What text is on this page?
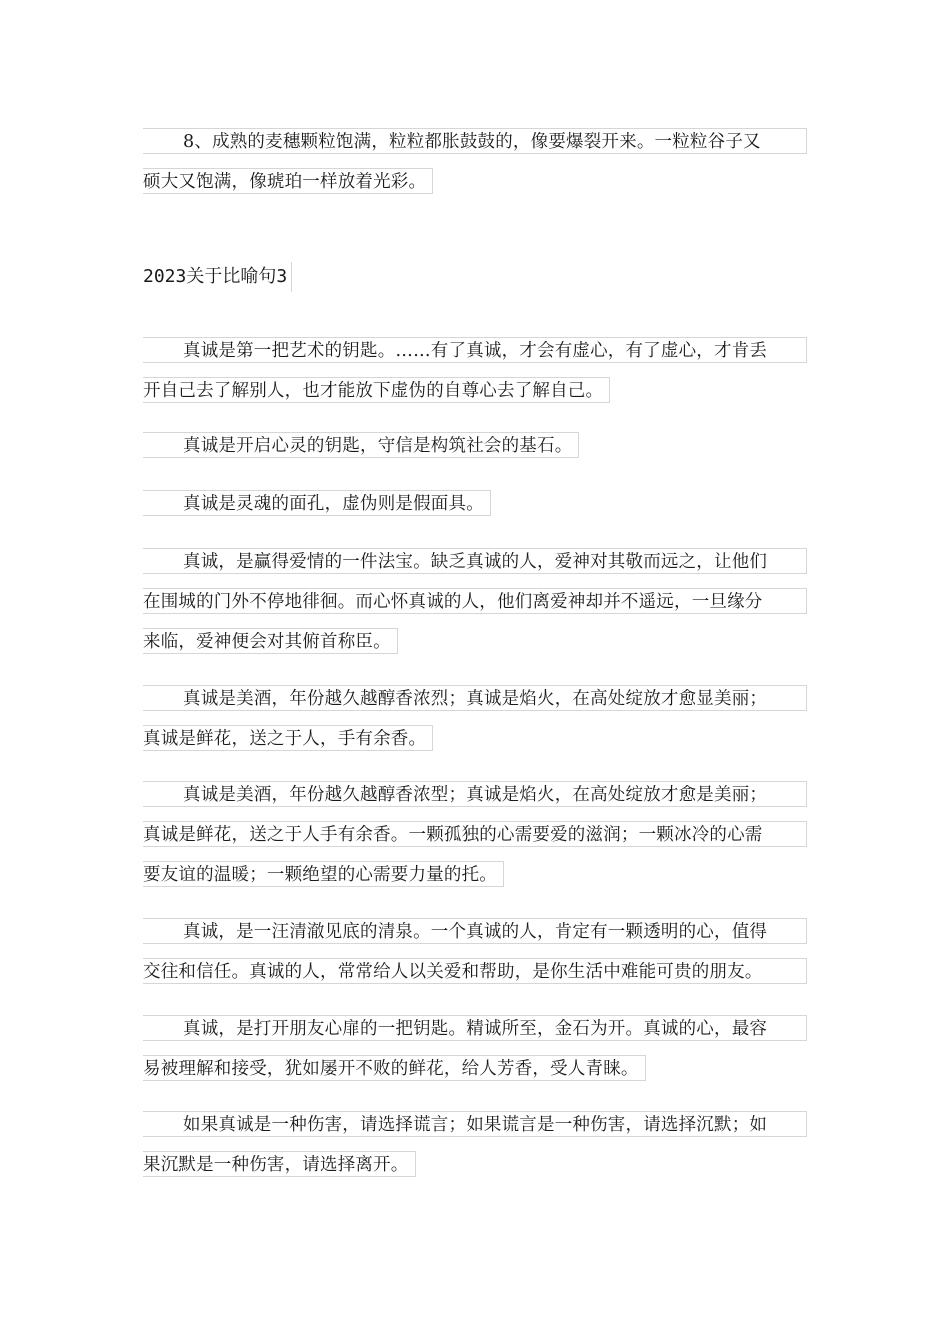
8、成熟的麦穗颗粒饱满，粒粒都胀鼓鼓的，像要爆裂开来。一粒粒谷子又
硕大又饱满，像琥珀一样放着光彩。
2023关于比喻句3
真诚是第一把艺术的钥匙。……有了真诚，才会有虚心，有了虚心，才肯丢
开自己去了解别人，也才能放下虚伪的自尊心去了解自己。
真诚是开启心灵的钥匙，守信是构筑社会的基石。
真诚是灵魂的面孔，虚伪则是假面具。
真诚，是赢得爱情的一件法宝。缺乏真诚的人，爱神对其敬而远之，让他们
在围城的门外不停地徘徊。而心怀真诚的人，他们离爱神却并不遥远，一旦缘分
来临，爱神便会对其俯首称臣。
真诚是美酒，年份越久越醇香浓烈；真诚是焰火，在高处绽放才愈显美丽；
真诚是鲜花，送之于人，手有余香。
真诚是美酒，年份越久越醇香浓型；真诚是焰火，在高处绽放才愈是美丽；
真诚是鲜花，送之于人手有余香。一颗孤独的心需要爱的滋润；一颗冰冷的心需
要友谊的温暖；一颗绝望的心需要力量的托。
真诚，是一汪清澈见底的清泉。一个真诚的人，肯定有一颗透明的心，值得
交往和信任。真诚的人，常常给人以关爱和帮助，是你生活中难能可贵的朋友。
真诚，是打开朋友心扉的一把钥匙。精诚所至，金石为开。真诚的心，最容
易被理解和接受，犹如屡开不败的鲜花，给人芳香，受人青睐。
如果真诚是一种伤害，请选择谎言；如果谎言是一种伤害，请选择沉默；如
果沉默是一种伤害，请选择离开。
